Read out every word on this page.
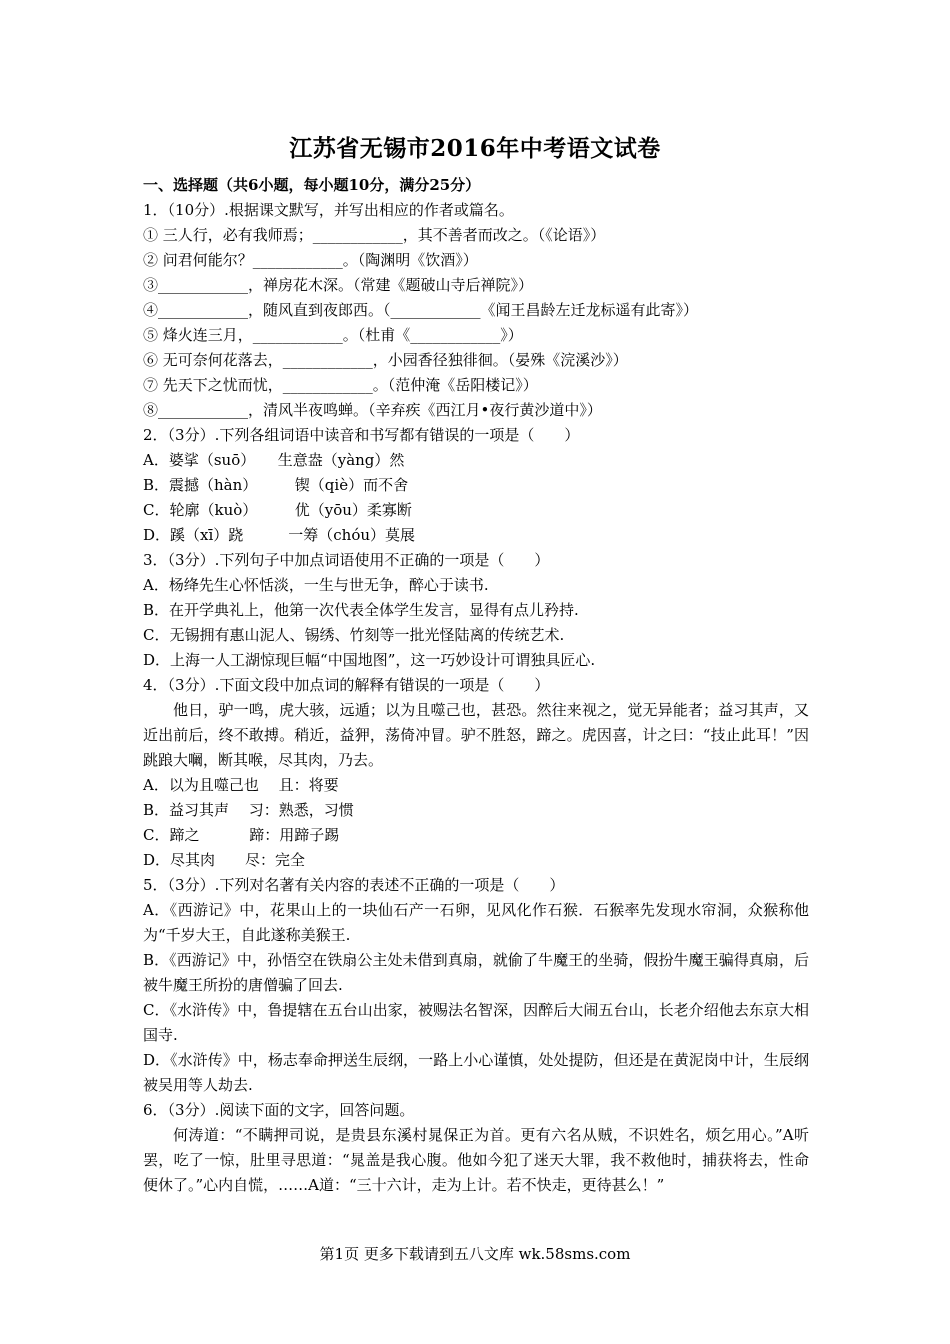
江苏省无锡市2016年中考语文试卷
一、选择题（共6小题，每小题10分，满分25分）
1．（10分）.根据课文默写，并写出相应的作者或篇名。
① 三人行，必有我师焉；____________，其不善者而改之。（《论语》）
② 问君何能尔？____________。（陶渊明《饮酒》）
③____________，禅房花木深。（常建《题破山寺后禅院》）
④____________，随风直到夜郎西。（____________《闻王昌龄左迁龙标遥有此寄》）
⑤ 烽火连三月，____________。（杜甫《____________》）
⑥ 无可奈何花落去，____________，小园香径独徘徊。（晏殊《浣溪沙》）
⑦ 先天下之忧而忧，____________。（范仲淹《岳阳楼记》）
⑧____________，清风半夜鸣蝉。（辛弃疾《西江月•夜行黄沙道中》）
2．（3分）.下列各组词语中读音和书写都有错误的一项是（　　）
A．婆挲（suō）　　生意盎（yàng）然
B．震撼（hàn）　　　锲（qiè）而不舍
C．轮廓（kuò）　　　优（yōu）柔寡断
D．蹊（xī）跷　　　一筹（chóu）莫展
3．（3分）.下列句子中加点词语使用不正确的一项是（　　）
A．杨绛先生心怀恬淡，一生与世无争，醉心于读书.
B．在开学典礼上，他第一次代表全体学生发言，显得有点儿矜持.
C．无锡拥有惠山泥人、锡绣、竹刻等一批光怪陆离的传统艺术.
D．上海一人工湖惊现巨幅“中国地图”，这一巧妙设计可谓独具匠心.
4．（3分）.下面文段中加点词的解释有错误的一项是（　　）
他日，驴一鸣，虎大骇，远遁；以为且噬己也，甚恐。然往来视之，觉无异能者；益习其声，又近出前后，终不敢搏。稍近，益狎，荡倚冲冒。驴不胜怒，蹄之。虎因喜，计之曰：“技止此耳！”因跳踉大㘎，断其喉，尽其肉，乃去。
A．以为且噬己也　 且：将要
B．益习其声　 习：熟悉，习惯
C．蹄之　　　 蹄：用蹄子踢
D．尽其肉　　尽：完全
5．（3分）.下列对名著有关内容的表述不正确的一项是（　　）
A．《西游记》中，花果山上的一块仙石产一石卵，见风化作石猴．石猴率先发现水帘洞，众猴称他为“千岁大王，自此遂称美猴王.
B．《西游记》中，孙悟空在铁扇公主处未借到真扇，就偷了牛魔王的坐骑，假扮牛魔王骗得真扇，后被牛魔王所扮的唐僧骗了回去.
C．《水浒传》中，鲁提辖在五台山出家，被赐法名智深，因醉后大闹五台山，长老介绍他去东京大相国寺.
D．《水浒传》中，杨志奉命押送生辰纲，一路上小心谨慎，处处提防，但还是在黄泥岗中计，生辰纲被吴用等人劫去.
6．（3分）.阅读下面的文字，回答问题。
何涛道：“不瞒押司说，是贵县东溪村晁保正为首。更有六名从贼，不识姓名，烦乞用心。”A听罢，吃了一惊，肚里寻思道：“晁盖是我心腹。他如今犯了迷天大罪，我不救他时，捕获将去，性命便休了。”心内自慌，……A道：“三十六计，走为上计。若不快走，更待甚么！”
第1页 更多下载请到五八文库 wk.58sms.com
